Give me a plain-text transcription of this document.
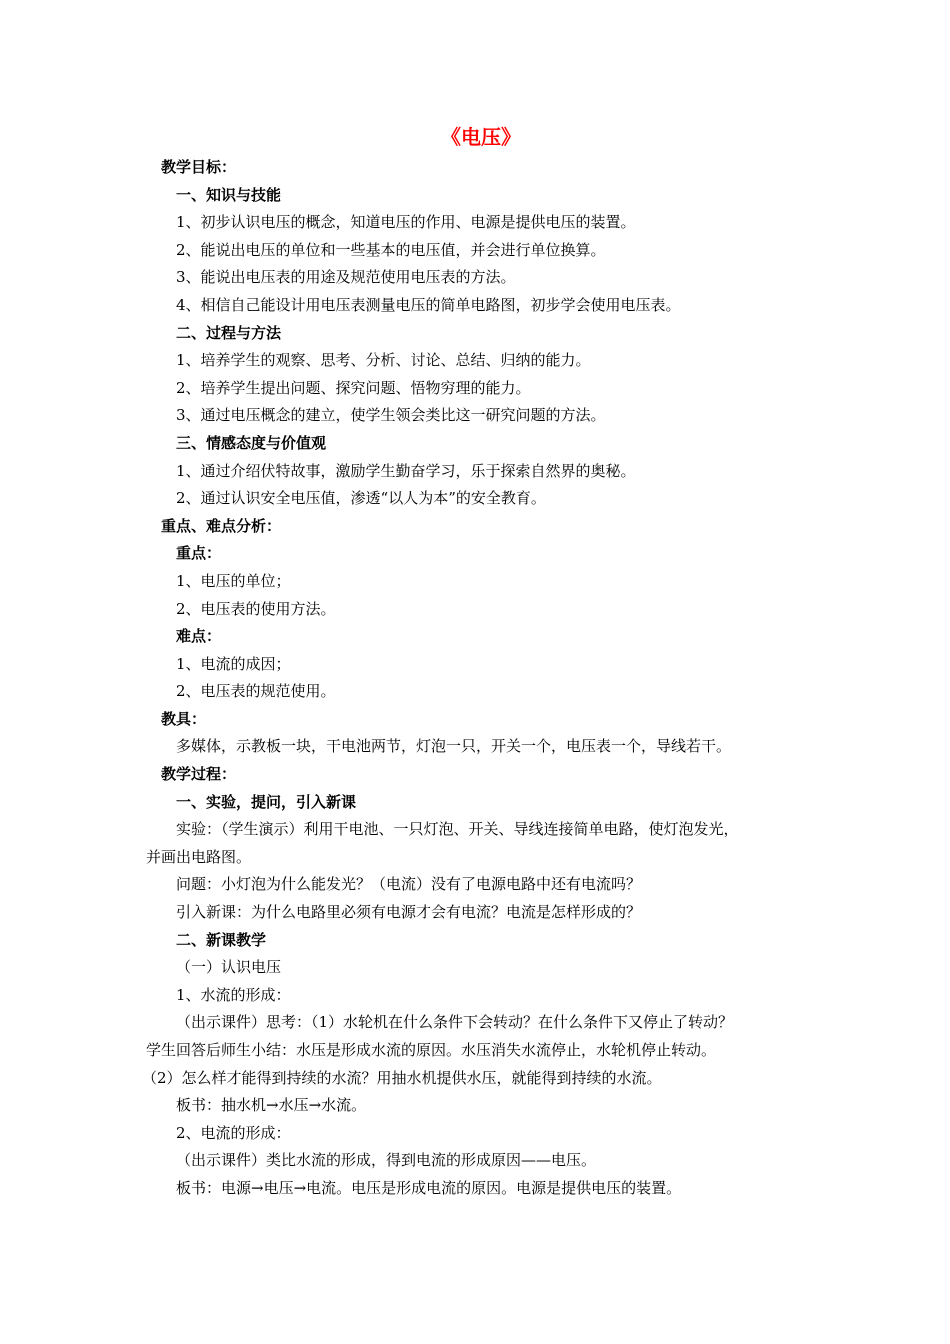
《电压》
教学目标：
一、知识与技能
1、初步认识电压的概念，知道电压的作用、电源是提供电压的装置。
2、能说出电压的单位和一些基本的电压值，并会进行单位换算。
3、能说出电压表的用途及规范使用电压表的方法。
4、相信自己能设计用电压表测量电压的简单电路图，初步学会使用电压表。
二、过程与方法
1、培养学生的观察、思考、分析、讨论、总结、归纳的能力。
2、培养学生提出问题、探究问题、悟物穷理的能力。
3、通过电压概念的建立，使学生领会类比这一研究问题的方法。
三、情感态度与价值观
1、通过介绍伏特故事，激励学生勤奋学习，乐于探索自然界的奥秘。
2、通过认识安全电压值，渗透“以人为本”的安全教育。
重点、难点分析：
重点：
1、电压的单位；
2、电压表的使用方法。
难点：
1、电流的成因；
2、电压表的规范使用。
教具：
多媒体，示教板一块，干电池两节，灯泡一只，开关一个，电压表一个，导线若干。
教学过程：
一、实验，提问，引入新课
实验：（学生演示）利用干电池、一只灯泡、开关、导线连接简单电路，使灯泡发光，
并画出电路图。
问题：小灯泡为什么能发光？（电流）没有了电源电路中还有电流吗？
引入新课：为什么电路里必须有电源才会有电流？电流是怎样形成的？
二、新课教学
（一）认识电压
1、水流的形成：
（出示课件）思考：（1）水轮机在什么条件下会转动？在什么条件下又停止了转动？
学生回答后师生小结：水压是形成水流的原因。水压消失水流停止，水轮机停止转动。
（2）怎么样才能得到持续的水流？用抽水机提供水压，就能得到持续的水流。
板书：抽水机→水压→水流。
2、电流的形成：
（出示课件）类比水流的形成，得到电流的形成原因——电压。
板书：电源→电压→电流。电压是形成电流的原因。电源是提供电压的装置。
